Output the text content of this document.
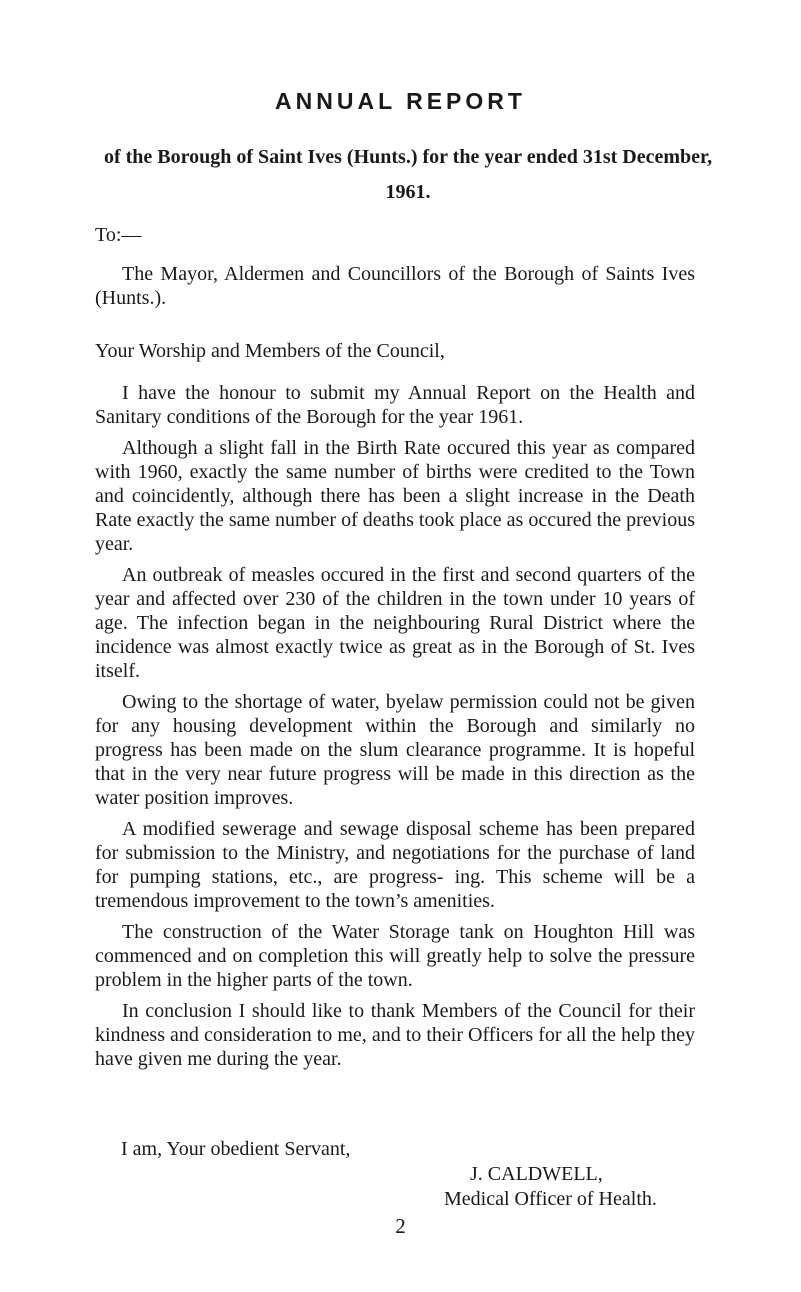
ANNUAL REPORT
of the Borough of Saint Ives (Hunts.) for the year ended 31st December, 1961.
To:—
The Mayor, Aldermen and Councillors of the Borough of Saints Ives (Hunts.).

Your Worship and Members of the Council,

I have the honour to submit my Annual Report on the Health and Sanitary conditions of the Borough for the year 1961.

Although a slight fall in the Birth Rate occured this year as compared with 1960, exactly the same number of births were credited to the Town and coincidently, although there has been a slight increase in the Death Rate exactly the same number of deaths took place as occured the previous year.

An outbreak of measles occured in the first and second quarters of the year and affected over 230 of the children in the town under 10 years of age. The infection began in the neighbouring Rural District where the incidence was almost exactly twice as great as in the Borough of St. Ives itself.

Owing to the shortage of water, byelaw permission could not be given for any housing development within the Borough and similarly no progress has been made on the slum clearance programme. It is hopeful that in the very near future progress will be made in this direction as the water position improves.

A modified sewerage and sewage disposal scheme has been prepared for submission to the Ministry, and negotiations for the purchase of land for pumping stations, etc., are progress- ing. This scheme will be a tremendous improvement to the town’s amenities.

The construction of the Water Storage tank on Houghton Hill was commenced and on completion this will greatly help to solve the pressure problem in the higher parts of the town.

In conclusion I should like to thank Members of the Council for their kindness and consideration to me, and to their Officers for all the help they have given me during the year.

I am, Your obedient Servant,
J. CALDWELL,
Medical Officer of Health.
2
